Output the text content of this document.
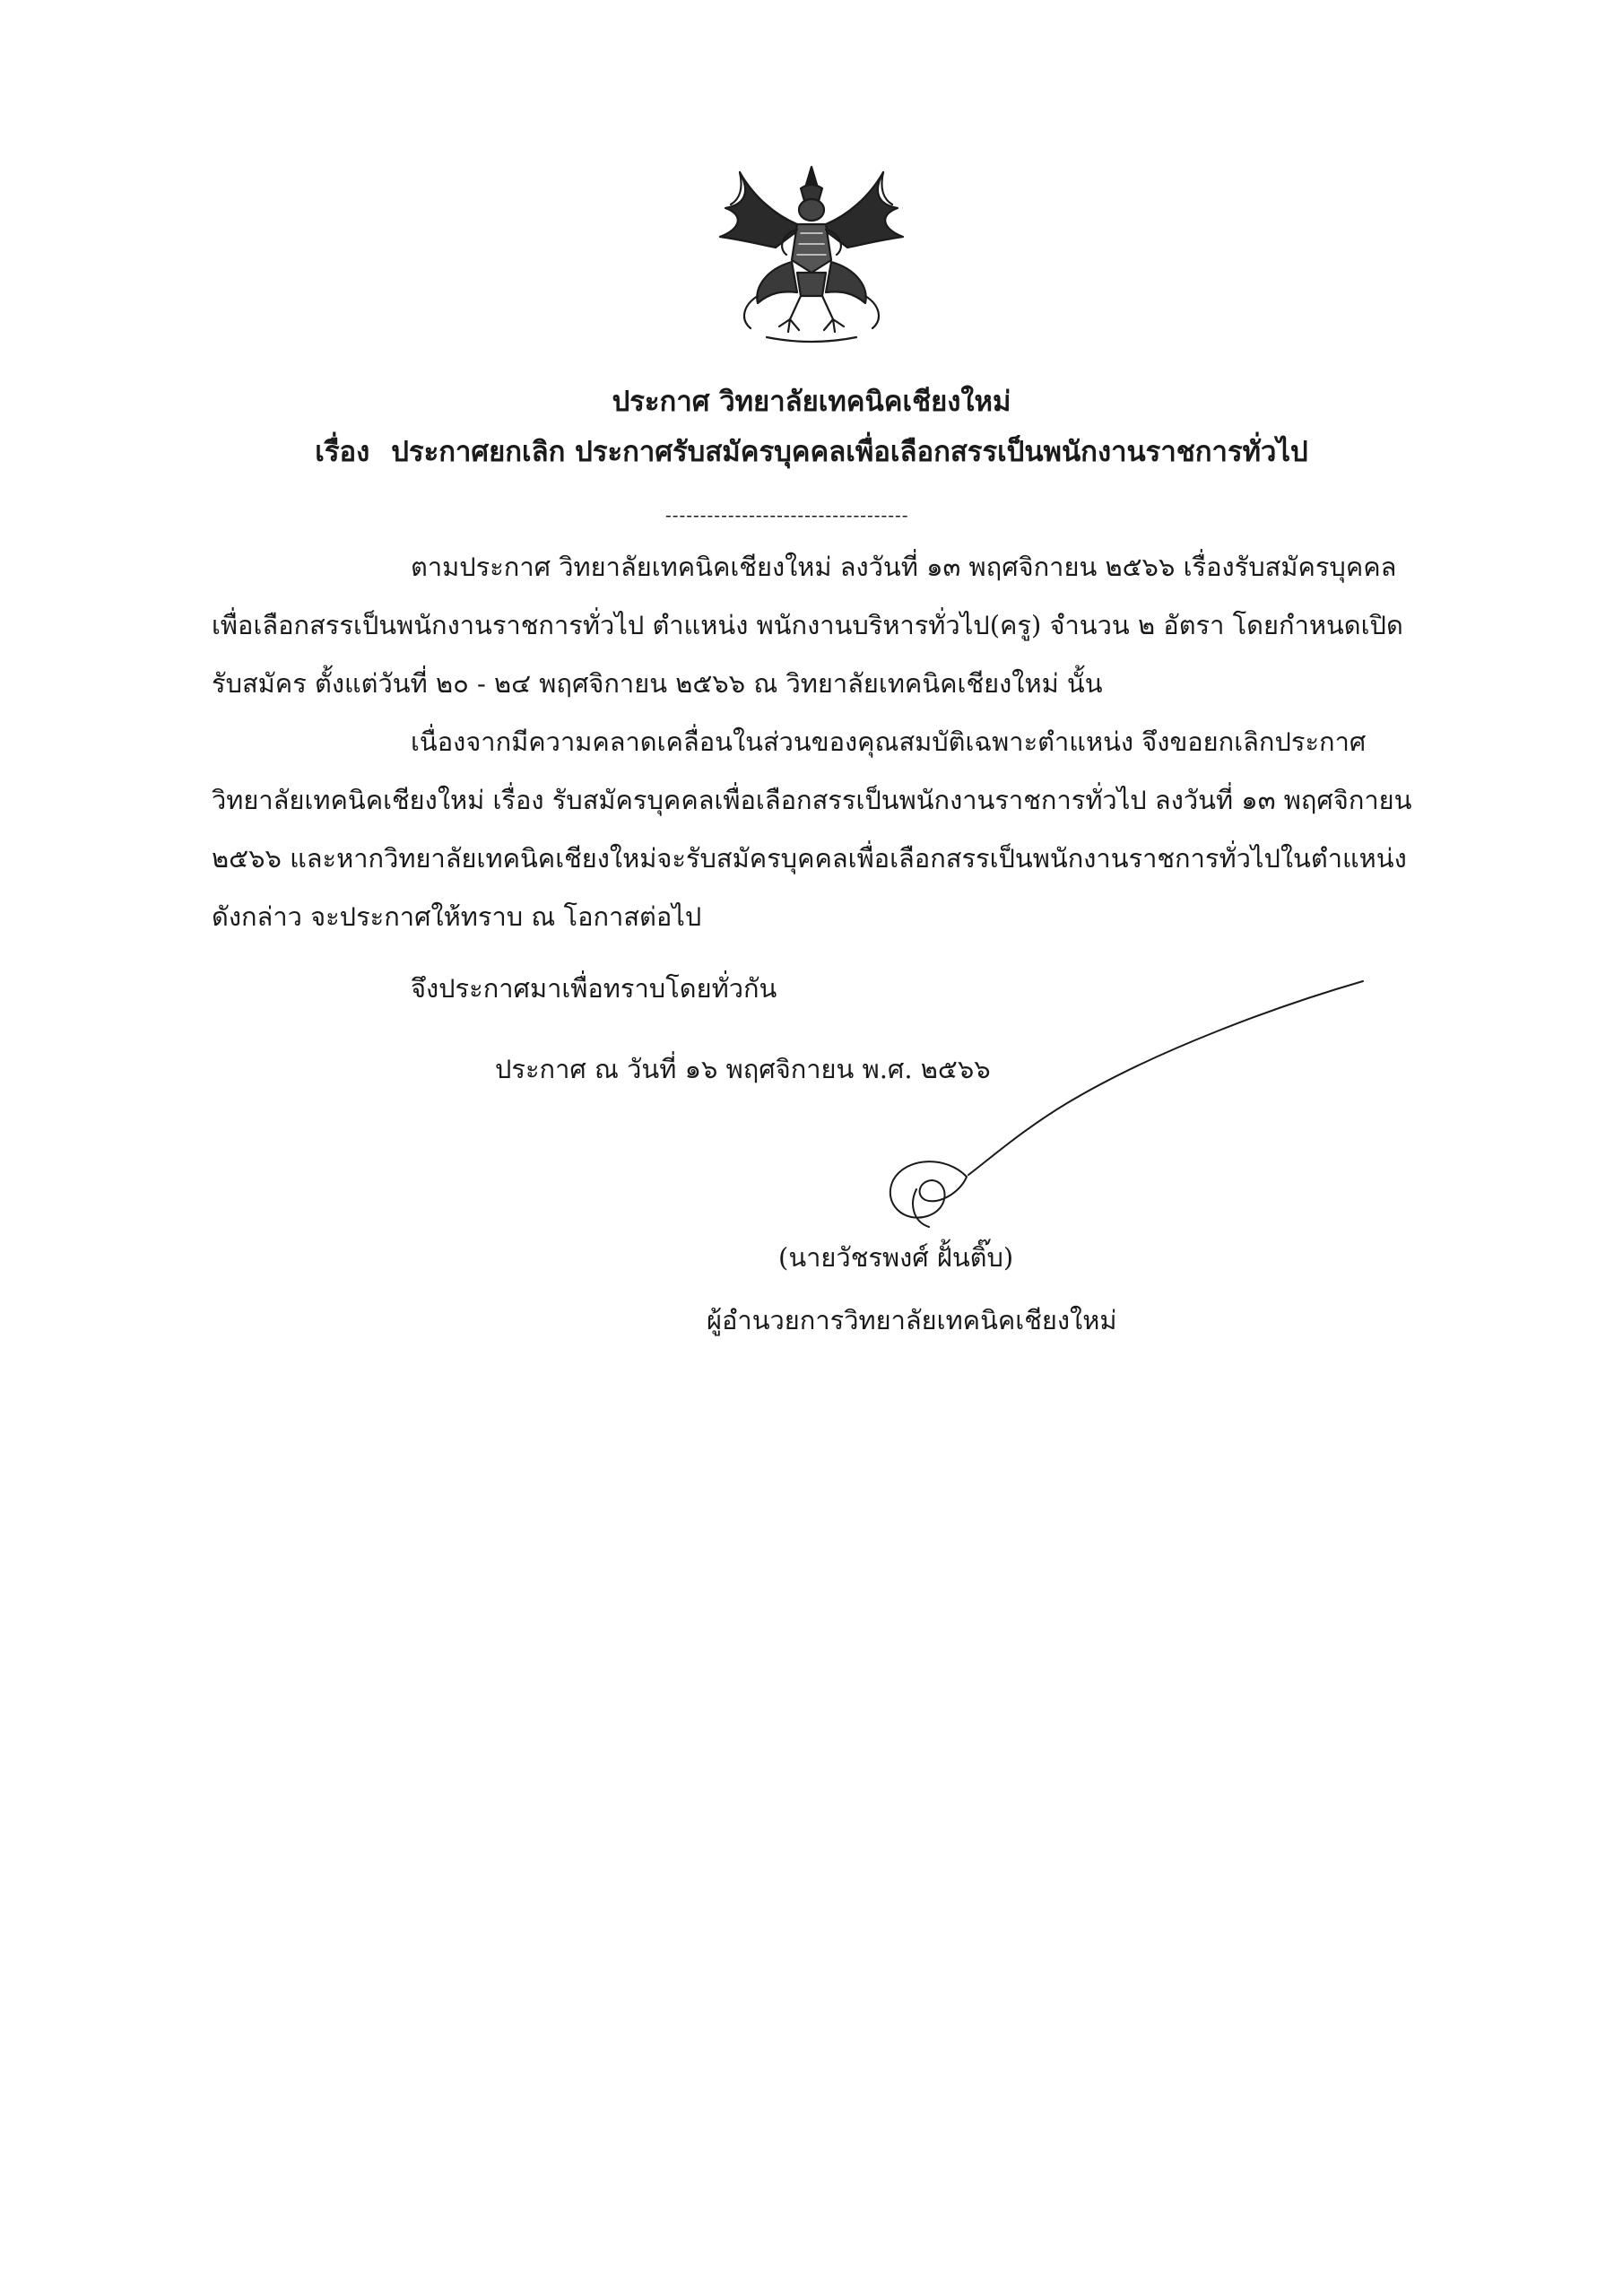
ประกาศ วิทยาลัยเทคนิคเชียงใหม่
เรื่อง ประกาศยกเลิก ประกาศรับสมัครบุคคลเพื่อเลือกสรรเป็นพนักงานราชการทั่วไป
-----------------------------------

ตามประกาศ วิทยาลัยเทคนิคเชียงใหม่ ลงวันที่ ๑๓ พฤศจิกายน ๒๕๖๖ เรื่องรับสมัครบุคคล
เพื่อเลือกสรรเป็นพนักงานราชการทั่วไป ตำแหน่ง พนักงานบริหารทั่วไป(ครู) จำนวน ๒ อัตรา โดยกำหนดเปิด
รับสมัคร ตั้งแต่วันที่ ๒๐ - ๒๔ พฤศจิกายน ๒๕๖๖ ณ วิทยาลัยเทคนิคเชียงใหม่ นั้น

เนื่องจากมีความคลาดเคลื่อนในส่วนของคุณสมบัติเฉพาะตำแหน่ง จึงขอยกเลิกประกาศ
วิทยาลัยเทคนิคเชียงใหม่ เรื่อง รับสมัครบุคคลเพื่อเลือกสรรเป็นพนักงานราชการทั่วไป ลงวันที่ ๑๓ พฤศจิกายน
๒๕๖๖ และหากวิทยาลัยเทคนิคเชียงใหม่จะรับสมัครบุคคลเพื่อเลือกสรรเป็นพนักงานราชการทั่วไปในตำแหน่ง
ดังกล่าว จะประกาศให้ทราบ ณ โอกาสต่อไป

จึงประกาศมาเพื่อทราบโดยทั่วกัน
ประกาศ ณ วันที่ ๑๖ พฤศจิกายน พ.ศ. ๒๕๖๖
(นายวัชรพงศ์ ฝั้นติ๊บ)
ผู้อำนวยการวิทยาลัยเทคนิคเชียงใหม่
